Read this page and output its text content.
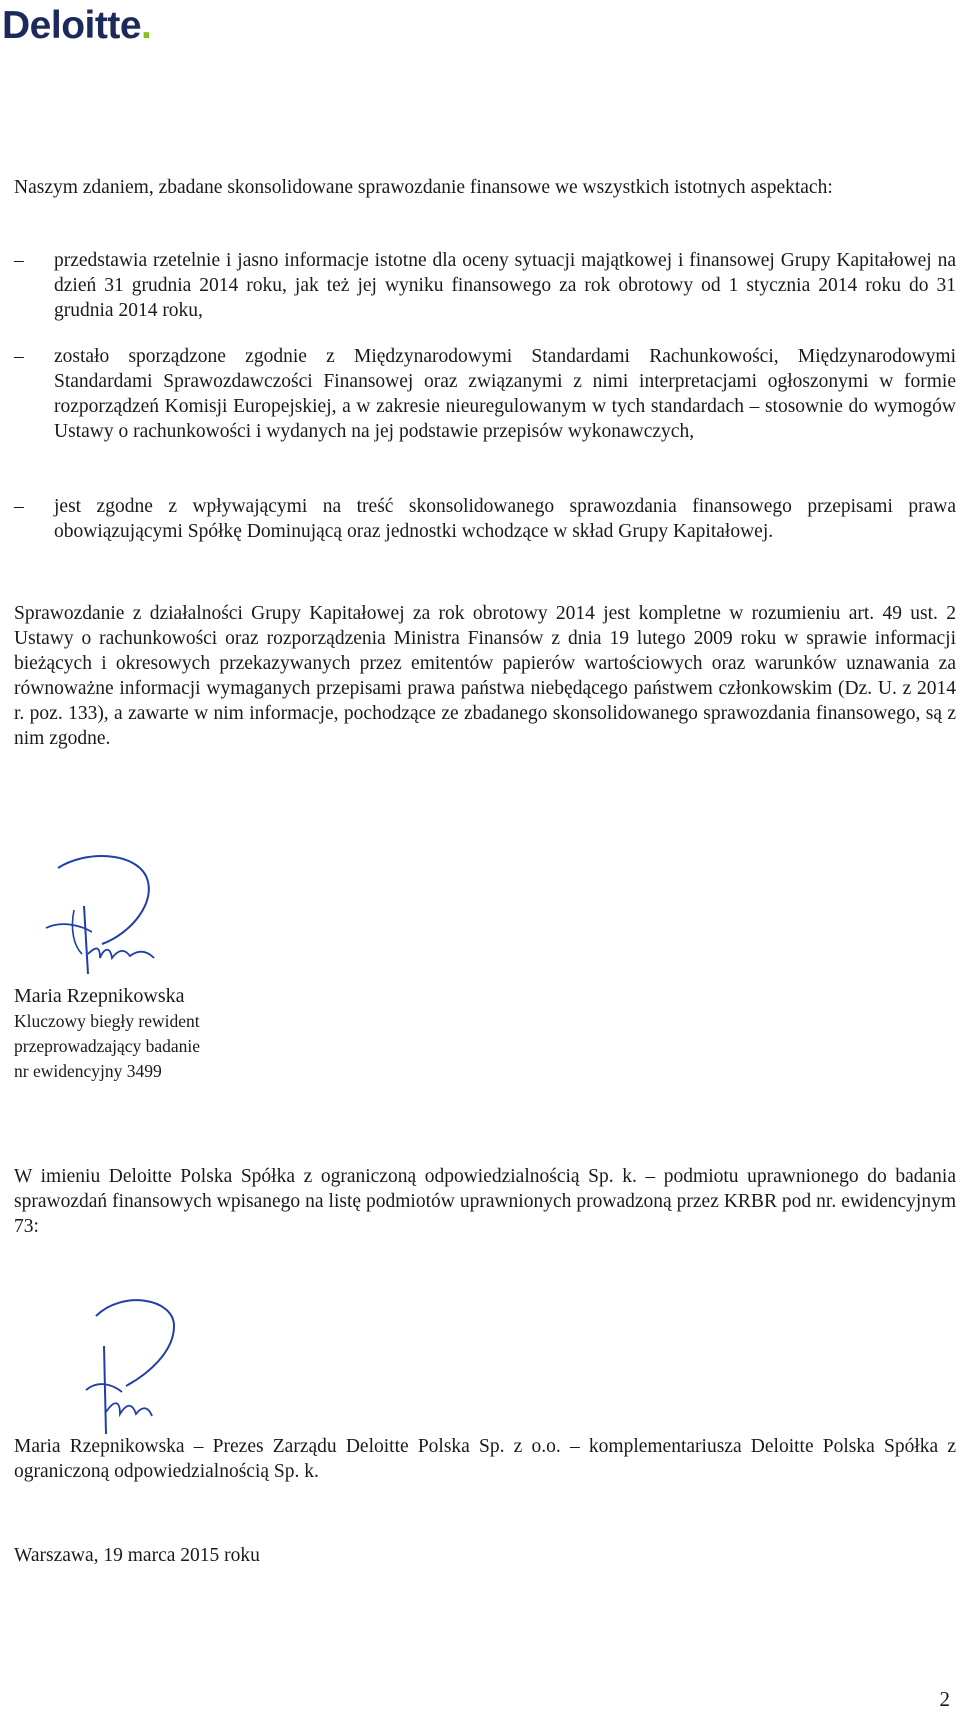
Deloitte.

Naszym zdaniem, zbadane skonsolidowane sprawozdanie finansowe we wszystkich istotnych aspektach:

– przedstawia rzetelnie i jasno informacje istotne dla oceny sytuacji majątkowej i finansowej Grupy Kapitałowej na dzień 31 grudnia 2014 roku, jak też jej wyniku finansowego za rok obrotowy od 1 stycznia 2014 roku do 31 grudnia 2014 roku,

– zostało sporządzone zgodnie z Międzynarodowymi Standardami Rachunkowości, Międzynarodowymi Standardami Sprawozdawczości Finansowej oraz związanymi z nimi interpretacjami ogłoszonymi w formie rozporządzeń Komisji Europejskiej, a w zakresie nieuregulowanym w tych standardach – stosownie do wymogów Ustawy o rachunkowości i wydanych na jej podstawie przepisów wykonawczych,

– jest zgodne z wpływającymi na treść skonsolidowanego sprawozdania finansowego przepisami prawa obowiązującymi Spółkę Dominującą oraz jednostki wchodzące w skład Grupy Kapitałowej.

Sprawozdanie z działalności Grupy Kapitałowej za rok obrotowy 2014 jest kompletne w rozumieniu art. 49 ust. 2 Ustawy o rachunkowości oraz rozporządzenia Ministra Finansów z dnia 19 lutego 2009 roku w sprawie informacji bieżących i okresowych przekazywanych przez emitentów papierów wartościowych oraz warunków uznawania za równoważne informacji wymaganych przepisami prawa państwa niebędącego państwem członkowskim (Dz. U. z 2014 r. poz. 133), a zawarte w nim informacje, pochodzące ze zbadanego skonsolidowanego sprawozdania finansowego, są z nim zgodne.

Maria Rzepnikowska
Kluczowy biegły rewident
przeprowadzający badanie
nr ewidencyjny 3499

W imieniu Deloitte Polska Spółka z ograniczoną odpowiedzialnością Sp. k. – podmiotu uprawnionego do badania sprawozdań finansowych wpisanego na listę podmiotów uprawnionych prowadzoną przez KRBR pod nr. ewidencyjnym 73:

Maria Rzepnikowska – Prezes Zarządu Deloitte Polska Sp. z o.o. – komplementariusza Deloitte Polska Spółka z ograniczoną odpowiedzialnością Sp. k.

Warszawa, 19 marca 2015 roku

2
